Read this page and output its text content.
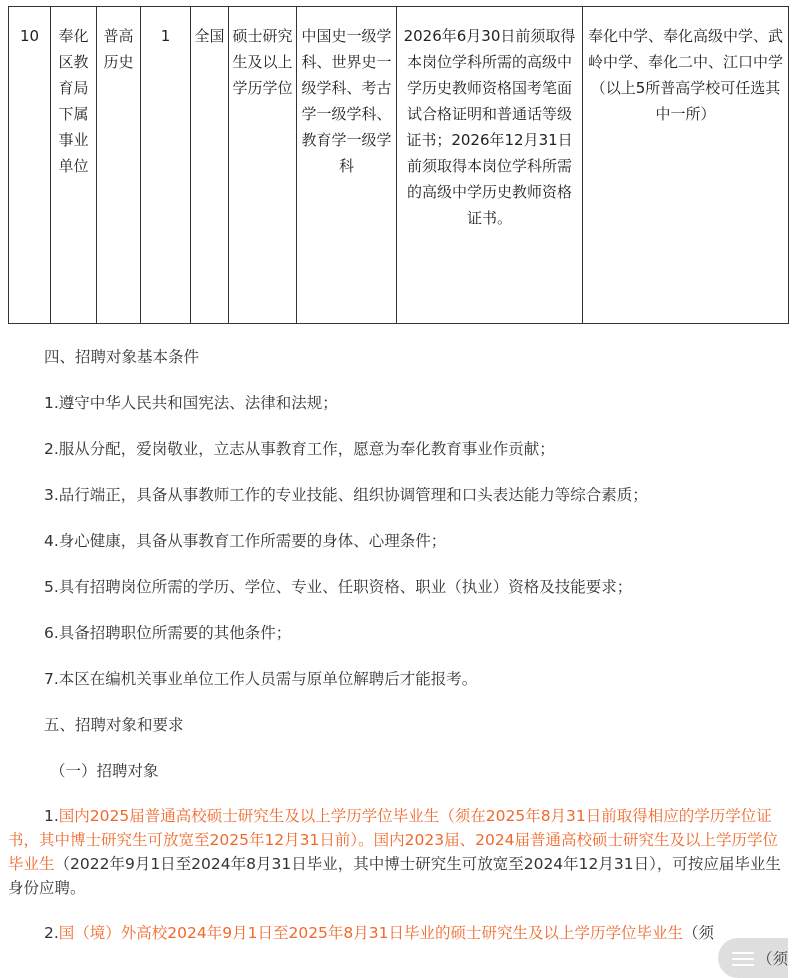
10	奉化区教育局下属事业单位	普高历史	1	全国	硕士研究生及以上学历学位	中国史一级学科、世界史一级学科、考古学一级学科、教育学一级学科	2026年6月30日前须取得本岗位学科所需的高级中学历史教师资格国考笔面试合格证明和普通话等级证书；2026年12月31日前须取得本岗位学科所需的高级中学历史教师资格证书。	奉化中学、奉化高级中学、武岭中学、奉化二中、江口中学（以上5所普高学校可任选其中一所）

四、招聘对象基本条件

1.遵守中华人民共和国宪法、法律和法规；

2.服从分配，爱岗敬业，立志从事教育工作，愿意为奉化教育事业作贡献；

3.品行端正，具备从事教师工作的专业技能、组织协调管理和口头表达能力等综合素质；

4.身心健康，具备从事教育工作所需要的身体、心理条件；

5.具有招聘岗位所需的学历、学位、专业、任职资格、职业（执业）资格及技能要求；

6.具备招聘职位所需要的其他条件；

7.本区在编机关事业单位工作人员需与原单位解聘后才能报考。

五、招聘对象和要求

（一）招聘对象

1.国内2025届普通高校硕士研究生及以上学历学位毕业生（须在2025年8月31日前取得相应的学历学位证书，其中博士研究生可放宽至2025年12月31日前）。国内2023届、2024届普通高校硕士研究生及以上学历学位毕业生（2022年9月1日至2024年8月31日毕业，其中博士研究生可放宽至2024年12月31日），可按应届毕业生身份应聘。

2.国（境）外高校2024年9月1日至2025年8月31日毕业的硕士研究生及以上学历学位毕业生（须

（须
